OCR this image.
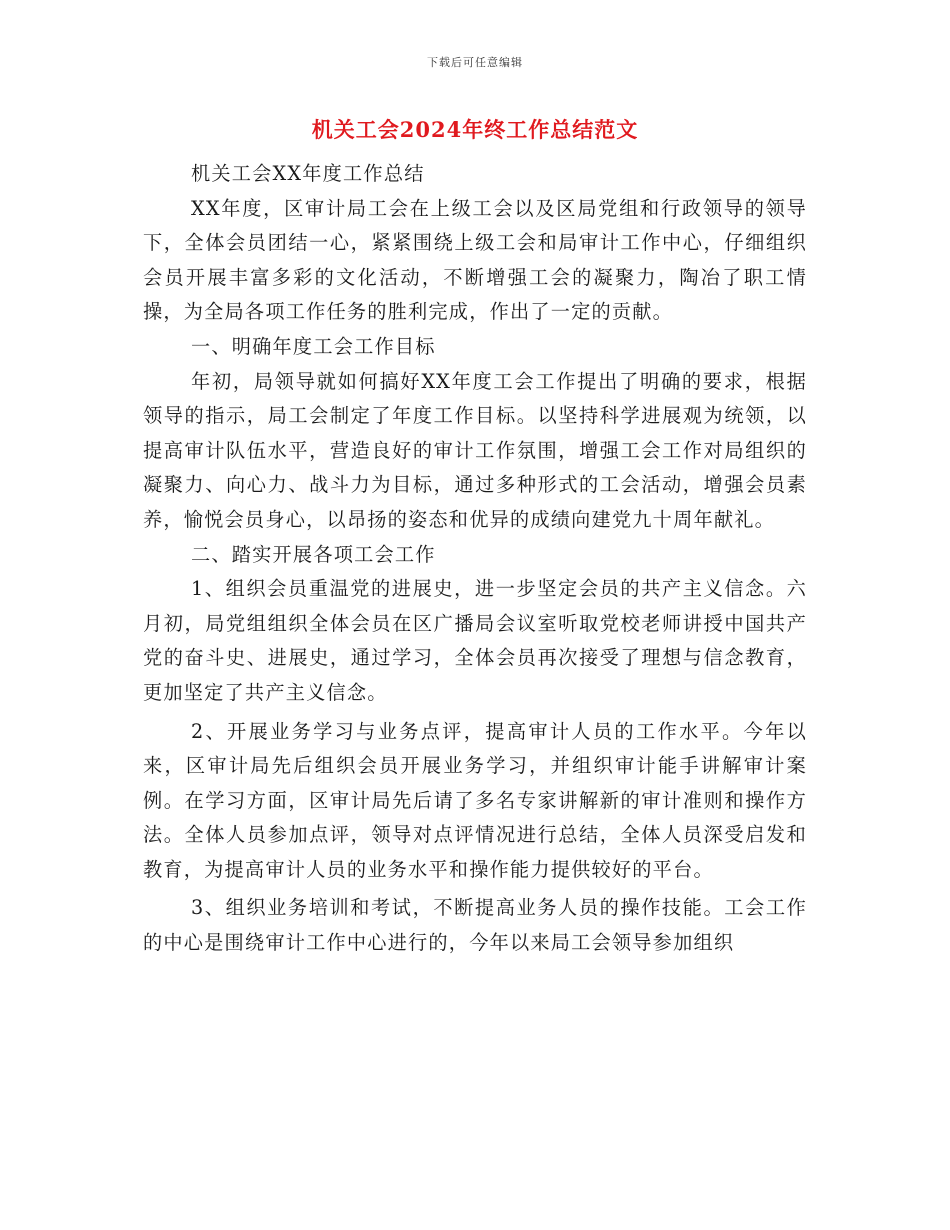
下载后可任意编辑
机关工会2024年终工作总结范文

机关工会XX年度工作总结

XX年度，区审计局工会在上级工会以及区局党组和行政领导的领导下，全体会员团结一心，紧紧围绕上级工会和局审计工作中心，仔细组织会员开展丰富多彩的文化活动，不断增强工会的凝聚力，陶冶了职工情操，为全局各项工作任务的胜利完成，作出了一定的贡献。

一、明确年度工会工作目标

年初，局领导就如何搞好XX年度工会工作提出了明确的要求，根据领导的指示，局工会制定了年度工作目标。以坚持科学进展观为统领，以提高审计队伍水平，营造良好的审计工作氛围，增强工会工作对局组织的凝聚力、向心力、战斗力为目标，通过多种形式的工会活动，增强会员素养，愉悦会员身心，以昂扬的姿态和优异的成绩向建党九十周年献礼。

二、踏实开展各项工会工作

1、组织会员重温党的进展史，进一步坚定会员的共产主义信念。六月初，局党组组织全体会员在区广播局会议室听取党校老师讲授中国共产党的奋斗史、进展史，通过学习，全体会员再次接受了理想与信念教育，更加坚定了共产主义信念。

2、开展业务学习与业务点评，提高审计人员的工作水平。今年以来，区审计局先后组织会员开展业务学习，并组织审计能手讲解审计案例。在学习方面，区审计局先后请了多名专家讲解新的审计准则和操作方法。全体人员参加点评，领导对点评情况进行总结，全体人员深受启发和教育，为提高审计人员的业务水平和操作能力提供较好的平台。

3、组织业务培训和考试，不断提高业务人员的操作技能。工会工作的中心是围绕审计工作中心进行的，今年以来局工会领导参加组织
